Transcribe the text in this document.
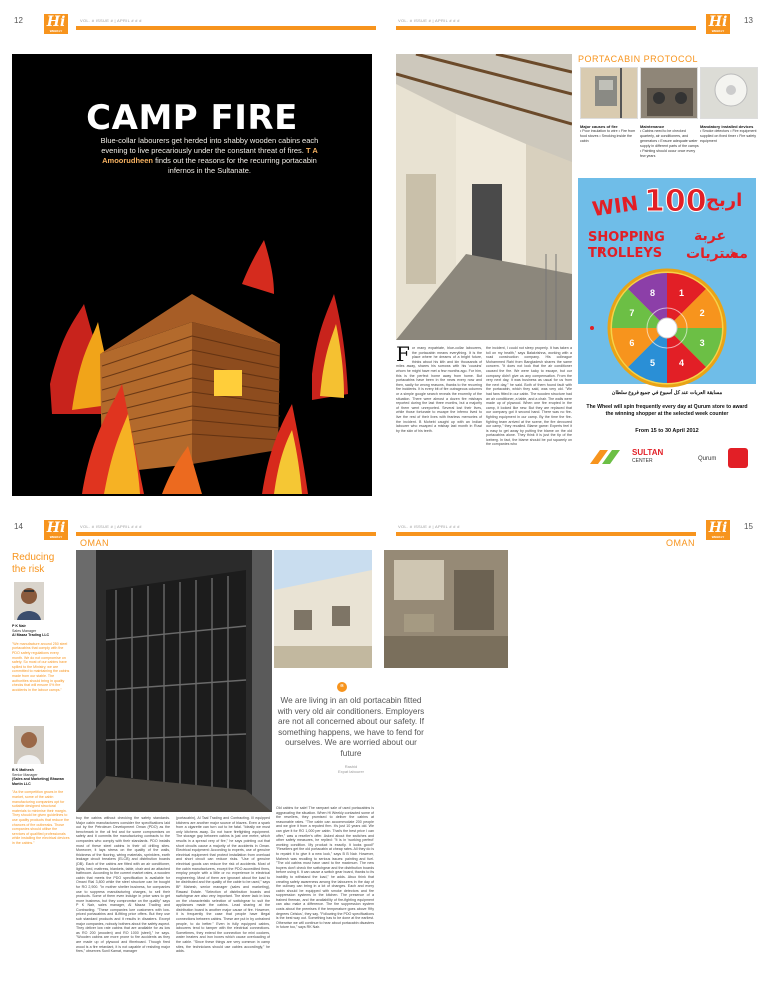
12	VOL. # ISSUE # | APRIL # # #
Hi
WEEKLY
CAMP FIRE
Blue-collar labourers get herded into shabby wooden cabins each evening to live precariously under the constant threat of fires. T A Amoorudheen finds out the reasons for the recurring portacabin infernos in the Sultanate.
VOL. # ISSUE # | APRIL # # #	13
Hi
WEEKLY
PORTACABIN PROTOCOL
Major causes of fire
• Poor insulation to wire • Fire from food stoves • Smoking inside the cabin
Maintenance
• Cabins need to be checked quarterly, air conditioners, and generators • Ensure adequate water supply in different parts of the camps • Painting should occur once every few years
Mandatory installed devices
• Smoke detectors • Fire equipment supplied on fixed timer • Fire safety equipment
WIN 100 اربح
SHOPPING عربة
TROLLEYS مشتريات
مسابقة العربات عند كل أسبوع في جميع فروع سلطان
The Wheel will spin frequently every day at Qurum store to award the winning shopper at the selected week counter
From 15 to 30 April 2012
SULTAN
CENTER	Qurum
1
2
3
4
5
6
7
8
For many expatriate, blue-collar labourers, the portacabin means everything. It is the place where he dreams of a bright future, thinks about his kith and kin thousands of miles away, shares his sorrows with his 'cousins' whom he might have met a few months ago. For him, this is the perfect home away from home. But portacabins have been in the news every now and then, sadly for wrong reasons, thanks to the recurring fire incidents. It is every bit of fire outrageous columns or a simple google search reveals the enormity of the situation. There were almost a dozen fire mishaps reported during the last three months, but a majority of them went unreported. Several lost their lives, while those fortunate to escape the inferno lived to live the rest of their lives with fearless memories of the incident. B Mohebi caught up with an Indian labourer who escaped a mishap last month in Ruwi by the skin of his teeth.
the incident, I could not sleep properly. It has taken a toll on my health," says Balakrishna, working with a road construction company. His colleague Mohammed Rahi from Bangladesh shares the same concern. "It does not look that the air conditioner caused the fire. We were lucky to escape, but our company didn't give us any compensation. From the very next day, it was business as usual for us from the next day," he said. Both of them found fault with the portacabin, which they said, was very old. "We had fans fitted in our cabin. The wooden structure had an air conditioner, a table, and a chair. The walls were made up of plywood. When one fire erupted in the camp, it looked like new. But they are replaced that our company got it second hand. There was no fire-fighting equipment in our camp. By the time the fire-fighting team arrived at the scene, the fire devoured our camp," they recalled. Blame game: Experts feel it is easy to get away by putting the blame on the old portacabins alone. They think it is just the tip of the iceberg. In fact, the blame should be put squarely on the companies who
14	VOL. # ISSUE # | APRIL # # #
Hi
WEEKLY
OMAN
Reducing
the risk
P K Nair
Sales Manager
Al Mazaz Trading LLC
"We manufacture around 250 steel portacabins that comply with the PDO safety regulations every month. We do not compromise on safety. So most of our cabins have spilled to the Ministry, we are committed to maintaining the cabins made from our stable. The authorities should bring in quality checks that will ensure 0% fire accidents in the labour camps."
B K Mathesh
Senior Manager
(Sales and Marketing) Bhawan Martin LLC
"As the competition grows in the market, some of the cabin manufacturing companies opt for suitable designed structural materials to minimise their margin. They should be given guidelines to use quality products that reduce the chances of fire outbreaks. Those companies should utilise the services of qualified professionals while installing the electrical devices in the cabins."
buy the cabins without checking the safety standards. Major cabin manufacturers consider the specifications laid out by the Petroleum Development Oman (PDO) as the benchmark in the oil fed and for some compromises on safety and it commits the manufacturing contracts to the companies who comply with their standards. PDO installs most of these steel cabins in their oil drilling sites. Moreover, it lays stress on the quality of the walls, thickness of the flooring, wiring materials, sprinklers, earth leakage circuit breakers (ELCB) and distribution boards (DB). Each of the cabins are fitted with an air conditioner, lights, bed, mattress, blankets, table, chair and an attached bathroom. According to the current market rates, a wooden cabin that meets the PDO specification is available for Omani Rial 3,800 while the steel structure can be bought for RO 2,900. "In mother shelter business, for companies use to suppress manufacturing charges, to sell their products. Some of them even indulge in price wars to get more business, but they compromise on the quality" says P K Nair, sales manager, Al Mazaz Trading and Contracting. "These companies lure customers with low-priced portacabins and ill-fitting price offers. But they use sub standard products and it results in disasters. Except major companies, nobody bothers about the safety aspect. They deliver low rate cabins that are available for as low as RO 200 (wooden) and RO 1000 (steel)," he says. "Wooden cabins are more prone to fire accidents as they are made up of plywood and fibreboard. Though fired wood is a fire retardant, it is not capable of resisting major fires," observes Sunil Kamat, manager
(portacabin), Al Taal Trading and Contracting. Ill equipped kitchens are another major source of blazes. Even a spark from a cigarette can turn out to be fatal. "Ideally we must only kitchens away. Do not have firefighting equipment. The storage gap between cabins is just one metre, which results in a spread very of fire," he says pointing out that short circuits cause a majority of the accidents in Oman. Electrical equipment: According to experts, use of genuine electrical equipment that protect installation from overload and short circuit can reduce risks. "Use of genuine electrical goods can reduce the risk of accidents. Most of the cabin manufacturers, except the PDO accredited firms, employ people with a little or no experience in electrical engineering. Most of them are ignorant about the load to be distributed and the quality of the cable to be used," says BF Mahesh, senior manager (sales and marketing), Rawasi Estate. "Selection of distribution boards and switchgear are also very important. The sheer lack in loss on the characteristic selection of switchgear to suit the appliances made the cabins. Lead sharing at the distribution board is another major cause of fire. However, it is frequently the case that people have illegal connections between cabins. These are put in by untrained people, to do better." Even in fully equipped cabins, labourers tend to tamper with the electrical connections. Sometimes, they extend the connection for mini cookers, water heaters and iron boxes which cause overloading of the cable. "Since these things are very common in camp sites, the technicians should use cables accordingly," he adds.
VOL. # ISSUE # | APRIL # # #	15
Hi
WEEKLY
OMAN
“
We are living in an old portacabin fitted with very old air conditioners. Employers are not all concerned about our safety. If something happens, we have to fend for ourselves. We are worried about our future
Rashid
Expat labourer
Old cabins for sale! The rampant sale of used portacabins is aggravating the situation. When Hi Weekly contacted some of the resellers, they promised to deliver the cabins at reasonable rates. "The cabin can accommodate 200 people and we give it from a reputed firm. It's just 10 years old. We can give it for RO 1,000 per cabin. That's the best price I can offer," was a reseller's offer. Asked about the switches and other safety measures, he replied: "It is in 'working perfect' working condition. My product is exactly. It looks good!" "Resellers get the old portacabin at cheap rates. All they do is to repaint it to give it a new look," says B B Nair. However, Mahesh was recalling to serious issues: painting and fuel. "The old cabins must have used to the maximum. The new buyers don't check the switchgear and the distribution boards before using it. It can cause a switch gear board, thanks to its inability to withstand the load," he adds. Abuo think that creating safety awareness among the labourers in the day of the culinary can bring in a lot of changes. Each and every cabin should be equipped with smoke detectors and fire suppression systems in the kitchen. The presence of a trained fireman, and the availability of fire-fighting equipment can also make a difference. The fire suppression system costs about the premises if the temperature goes above 'fifty degrees Celsius', they say. "Following the PDO specifications is the best way out. Something has to be done at the earliest. Otherwise we will continue to hear about portacabin disasters in future too," says RK Nair.
